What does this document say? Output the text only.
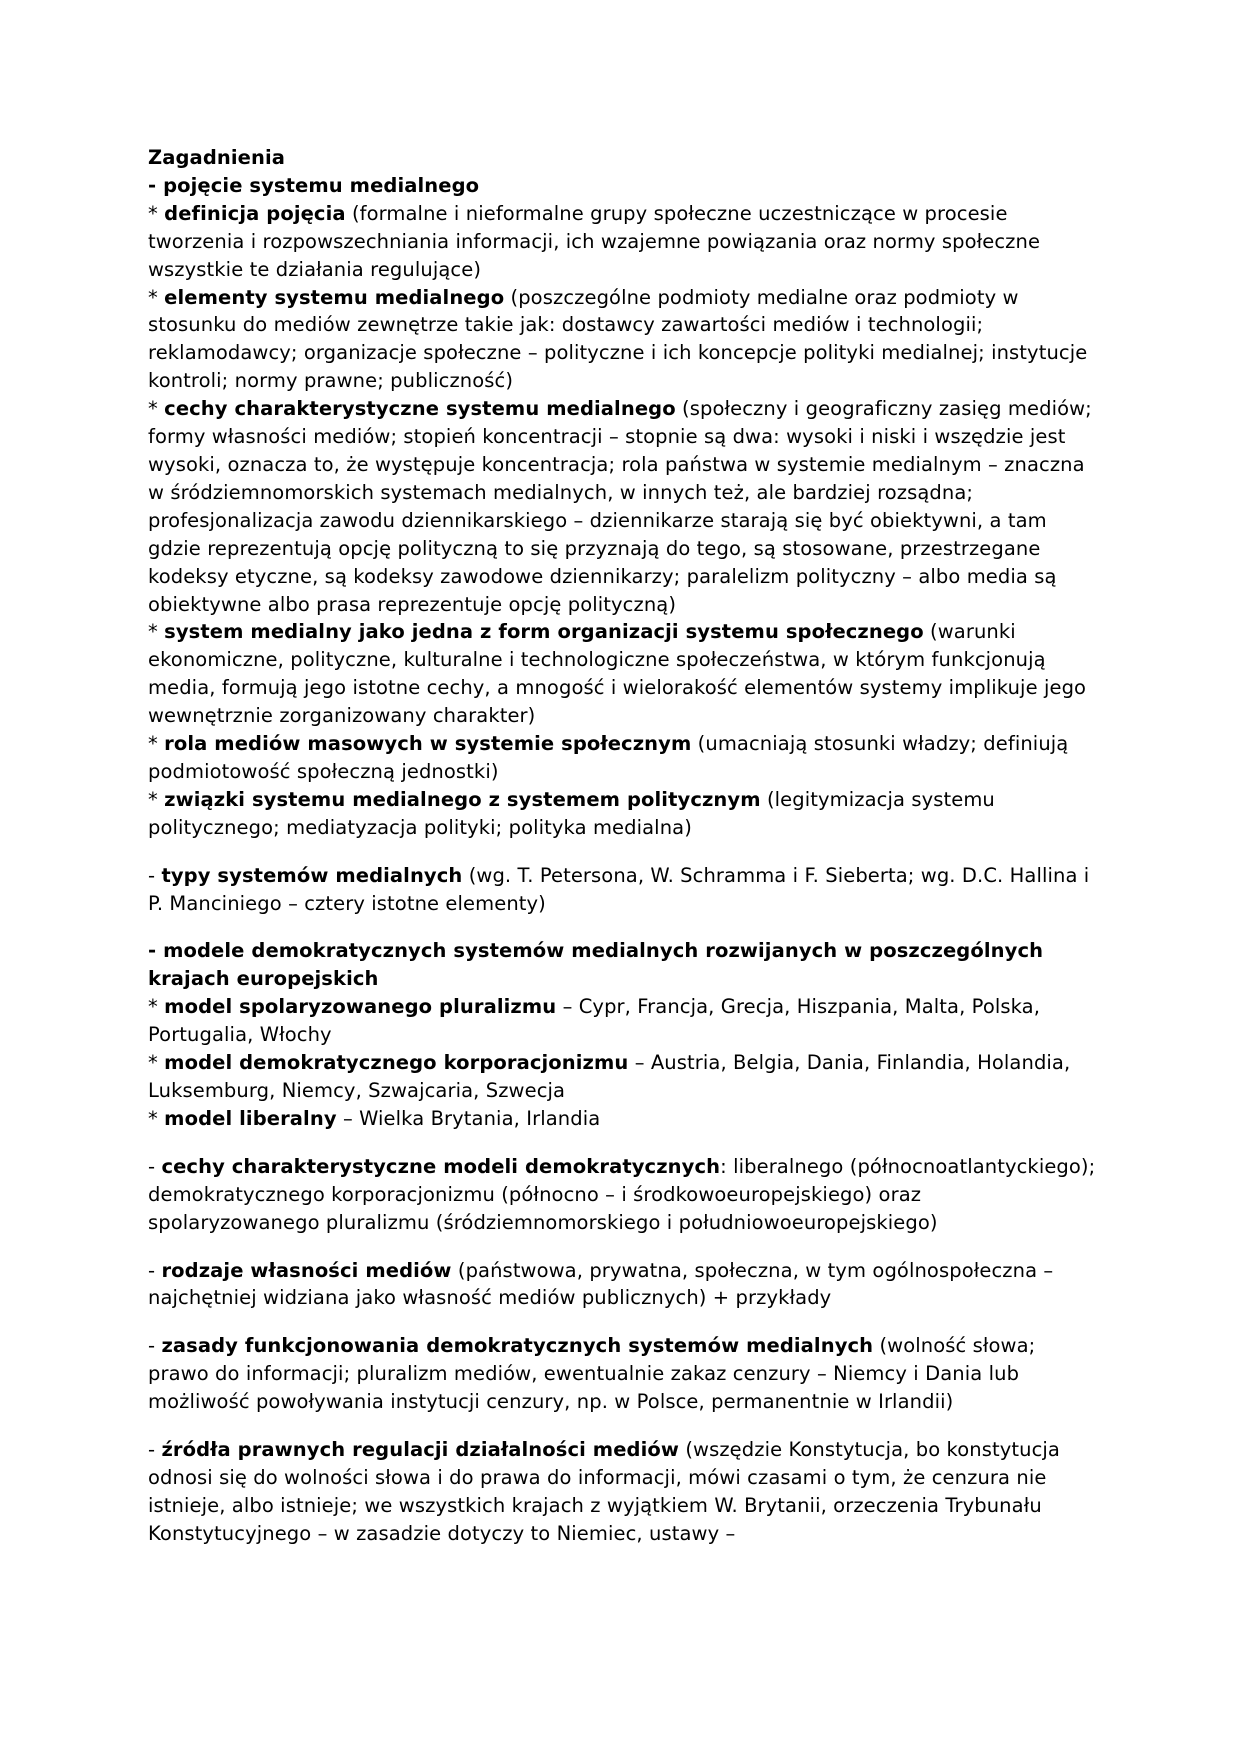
Zagadnienia

- pojęcie systemu medialnego

* definicja pojęcia (formalne i nieformalne grupy społeczne uczestniczące w procesie tworzenia i rozpowszechniania informacji, ich wzajemne powiązania oraz normy społeczne wszystkie te działania regulujące)

* elementy systemu medialnego (poszczególne podmioty medialne oraz podmioty w stosunku do mediów zewnętrze takie jak: dostawcy zawartości mediów i technologii; reklamodawcy; organizacje społeczne – polityczne i ich koncepcje polityki medialnej; instytucje kontroli; normy prawne; publiczność)

* cechy charakterystyczne systemu medialnego (społeczny i geograficzny zasięg mediów; formy własności mediów; stopień koncentracji – stopnie są dwa: wysoki i niski i wszędzie jest wysoki, oznacza to, że występuje koncentracja; rola państwa w systemie medialnym – znaczna w śródziemnomorskich systemach medialnych, w innych też, ale bardziej rozsądna; profesjonalizacja zawodu dziennikarskiego – dziennikarze starają się być obiektywni, a tam gdzie reprezentują opcję polityczną to się przyznają do tego, są stosowane, przestrzegane kodeksy etyczne, są kodeksy zawodowe dziennikarzy; paralelizm polityczny – albo media są obiektywne albo prasa reprezentuje opcję polityczną)

* system medialny jako jedna z form organizacji systemu społecznego (warunki ekonomiczne, polityczne, kulturalne i technologiczne społeczeństwa, w którym funkcjonują media, formują jego istotne cechy, a mnogość i wielorakość elementów systemy implikuje jego wewnętrznie zorganizowany charakter)

* rola mediów masowych w systemie społecznym (umacniają stosunki władzy; definiują podmiotowość społeczną jednostki)

* związki systemu medialnego z systemem politycznym (legitymizacja systemu politycznego; mediatyzacja polityki; polityka medialna)

- typy systemów medialnych (wg. T. Petersona, W. Schramma i F. Sieberta; wg. D.C. Hallina i P. Manciniego – cztery istotne elementy)

- modele demokratycznych systemów medialnych rozwijanych w poszczególnych krajach europejskich

* model spolaryzowanego pluralizmu – Cypr, Francja, Grecja, Hiszpania, Malta, Polska, Portugalia, Włochy

* model demokratycznego korporacjonizmu – Austria, Belgia, Dania, Finlandia, Holandia, Luksemburg, Niemcy, Szwajcaria, Szwecja

* model liberalny – Wielka Brytania, Irlandia

- cechy charakterystyczne modeli demokratycznych: liberalnego (północnoatlantyckiego); demokratycznego korporacjonizmu (północno – i środkowoeuropejskiego) oraz spolaryzowanego pluralizmu (śródziemnomorskiego i południowoeuropejskiego)

- rodzaje własności mediów (państwowa, prywatna, społeczna, w tym ogólnospołeczna – najchętniej widziana jako własność mediów publicznych) + przykłady

- zasady funkcjonowania demokratycznych systemów medialnych (wolność słowa; prawo do informacji; pluralizm mediów, ewentualnie zakaz cenzury – Niemcy i Dania lub możliwość powoływania instytucji cenzury, np. w Polsce, permanentnie w Irlandii)

- źródła prawnych regulacji działalności mediów (wszędzie Konstytucja, bo konstytucja odnosi się do wolności słowa i do prawa do informacji, mówi czasami o tym, że cenzura nie istnieje, albo istnieje; we wszystkich krajach z wyjątkiem W. Brytanii, orzeczenia Trybunału Konstytucyjnego – w zasadzie dotyczy to Niemiec, ustawy –
